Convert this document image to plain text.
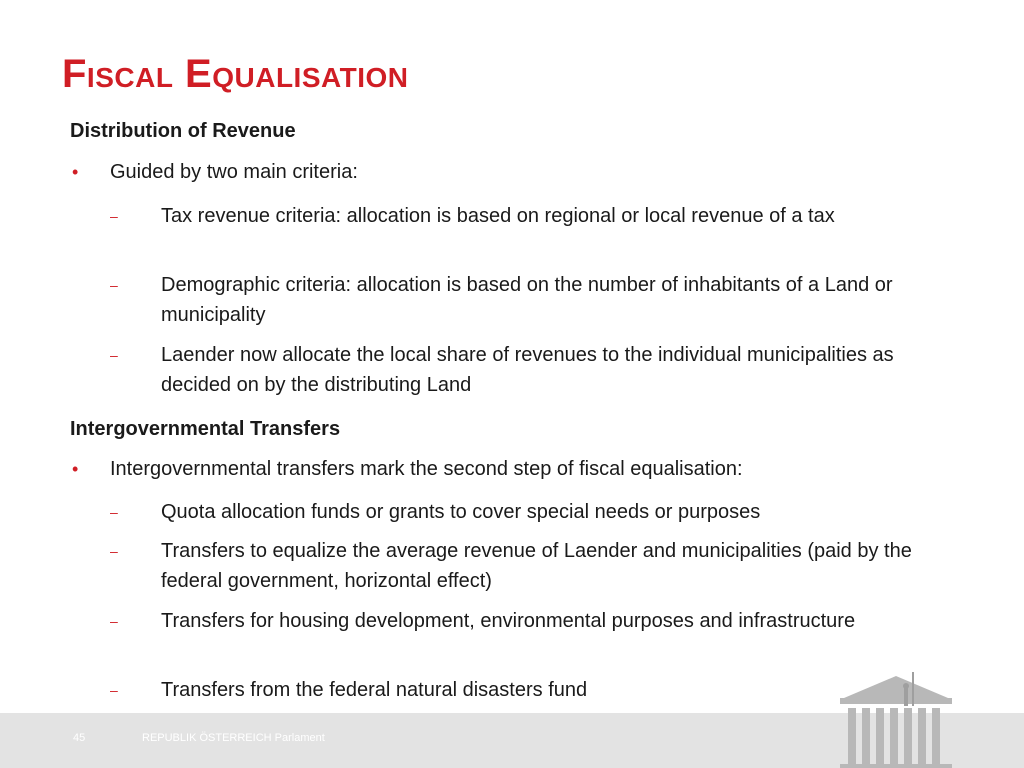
Fiscal Equalisation
Distribution of Revenue
• Guided by two main criteria:
– Tax revenue criteria: allocation is based on regional or local revenue of a tax
– Demographic criteria: allocation is based on the number of inhabitants of a Land or municipality
– Laender now allocate the local share of revenues to the individual municipalities as decided on by the distributing Land
Intergovernmental Transfers
• Intergovernmental transfers mark the second step of fiscal equalisation:
– Quota allocation funds or grants to cover special needs or purposes
– Transfers to equalize the average revenue of Laender and municipalities (paid by the federal government, horizontal effect)
– Transfers for housing development, environmental purposes and infrastructure
– Transfers from the federal natural disasters fund
45	REPUBLIK ÖSTERREICH Parlament
